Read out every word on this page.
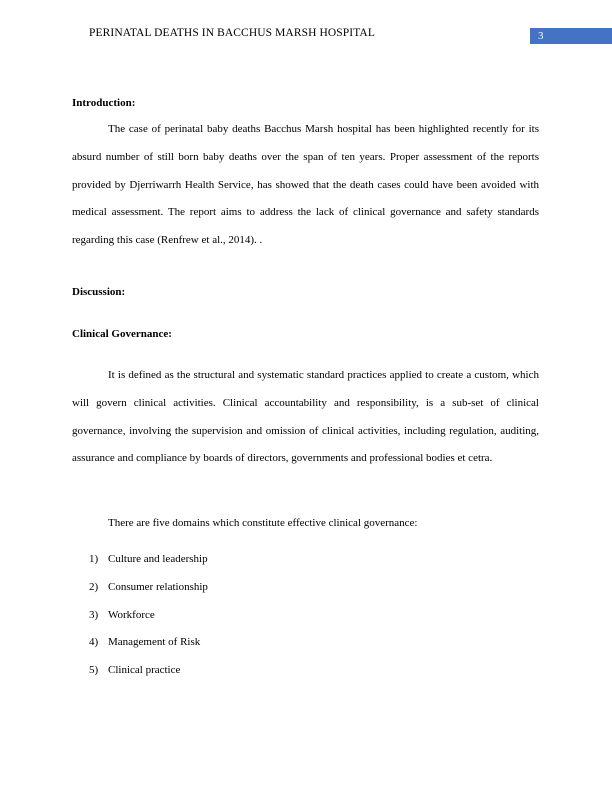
PERINATAL DEATHS IN BACCHUS MARSH HOSPITAL	3
Introduction:

The case of perinatal baby deaths Bacchus Marsh hospital has been highlighted recently for its absurd number of still born baby deaths over the span of ten years. Proper assessment of the reports provided by Djerriwarrh Health Service, has showed that the death cases could have been avoided with medical assessment. The report aims to address the lack of clinical governance and safety standards regarding this case (Renfrew et al., 2014). .

Discussion:
Clinical Governance:

It is defined as the structural and systematic standard practices applied to create a custom, which will govern clinical activities. Clinical accountability and responsibility, is a sub-set of clinical governance, involving the supervision and omission of clinical activities, including regulation, auditing, assurance and compliance by boards of directors, governments and professional bodies et cetra.

There are five domains which constitute effective clinical governance:
1) Culture and leadership
2) Consumer relationship
3) Workforce
4) Management of Risk
5) Clinical practice
